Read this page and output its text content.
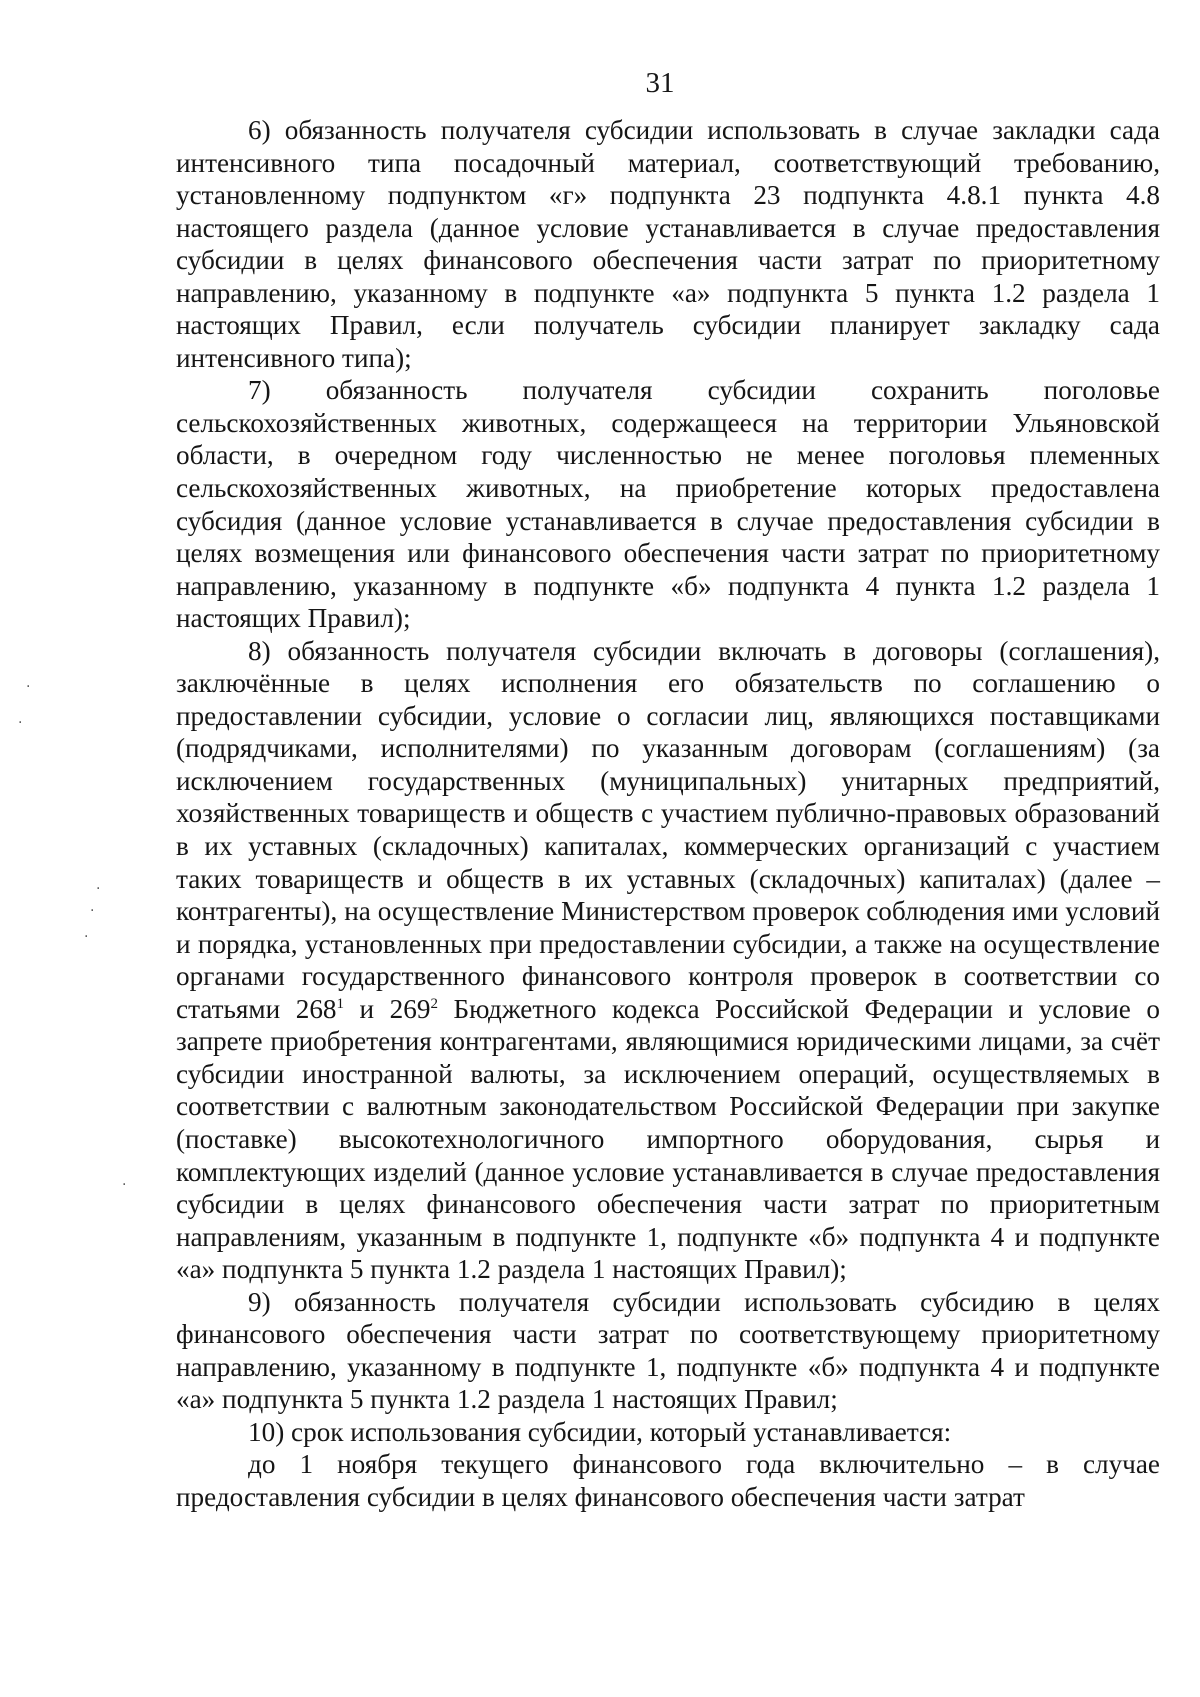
31
·
·
·
·
·
·

6) обязанность получателя субсидии использовать в случае закладки сада интенсивного типа посадочный материал, соответствующий требованию, установленному подпунктом «г» подпункта 23 подпункта 4.8.1 пункта 4.8 настоящего раздела (данное условие устанавливается в случае предоставления субсидии в целях финансового обеспечения части затрат по приоритетному направлению, указанному в подпункте «а» подпункта 5 пункта 1.2 раздела 1 настоящих Правил, если получатель субсидии планирует закладку сада интенсивного типа);

7) обязанность получателя субсидии сохранить поголовье сельскохозяйственных животных, содержащееся на территории Ульяновской области, в очередном году численностью не менее поголовья племенных сельскохозяйственных животных, на приобретение которых предоставлена субсидия (данное условие устанавливается в случае предоставления субсидии в целях возмещения или финансового обеспечения части затрат по приоритетному направлению, указанному в подпункте «б» подпункта 4 пункта 1.2 раздела 1 настоящих Правил);

8) обязанность получателя субсидии включать в договоры (соглашения), заключённые в целях исполнения его обязательств по соглашению о предоставлении субсидии, условие о согласии лиц, являющихся поставщиками (подрядчиками, исполнителями) по указанным договорам (соглашениям) (за исключением государственных (муниципальных) унитарных предприятий, хозяйственных товариществ и обществ с участием публично-правовых образований в их уставных (складочных) капиталах, коммерческих организаций с участием таких товариществ и обществ в их уставных (складочных) капиталах) (далее – контрагенты), на осуществление Министерством проверок соблюдения ими условий и порядка, установленных при предоставлении субсидии, а также на осуществление органами государственного финансового контроля проверок в соответствии со статьями $268^1$ и $269^2$ Бюджетного кодекса Российской Федерации и условие о запрете приобретения контрагентами, являющимися юридическими лицами, за счёт субсидии иностранной валюты, за исключением операций, осуществляемых в соответствии с валютным законодательством Российской Федерации при закупке (поставке) высокотехнологичного импортного оборудования, сырья и комплектующих изделий (данное условие устанавливается в случае предоставления субсидии в целях финансового обеспечения части затрат по приоритетным направлениям, указанным в подпункте 1, подпункте «б» подпункта 4 и подпункте «а» подпункта 5 пункта 1.2 раздела 1 настоящих Правил);

9) обязанность получателя субсидии использовать субсидию в целях финансового обеспечения части затрат по соответствующему приоритетному направлению, указанному в подпункте 1, подпункте «б» подпункта 4 и подпункте «а» подпункта 5 пункта 1.2 раздела 1 настоящих Правил;

10) срок использования субсидии, который устанавливается:

до 1 ноября текущего финансового года включительно – в случае предоставления субсидии в целях финансового обеспечения части затрат
